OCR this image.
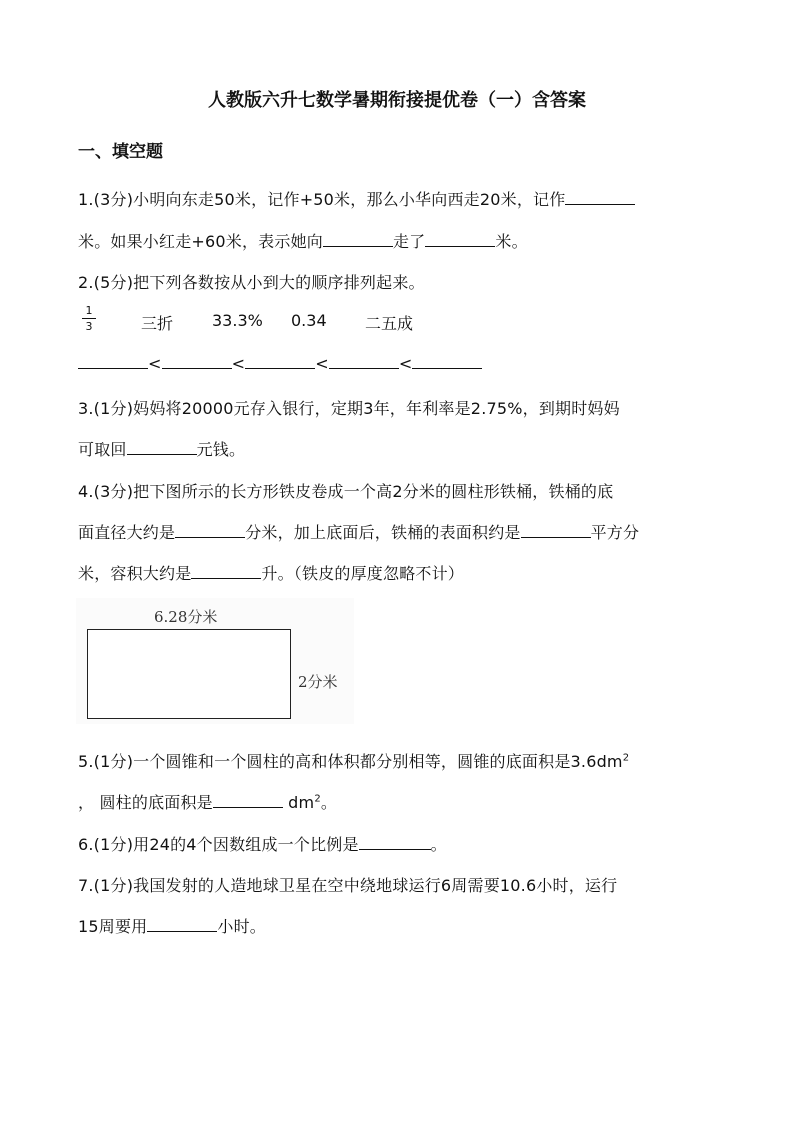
人教版六升七数学暑期衔接提优卷（一）含答案
一、填空题
1.(3分)小明向东走50米，记作+50米，那么小华向西走20米，记作
米。如果小红走+60米，表示她向	走了	米。
2.(5分)把下列各数按从小到大的顺序排列起来。
1
3	三折 33.3% 0.34 二五成
<	<	<	<
3.(1分)妈妈将20000元存入银行，定期3年，年利率是2.75%，到期时妈妈
可取回	元钱。
4.(3分)把下图所示的长方形铁皮卷成一个高2分米的圆柱形铁桶，铁桶的底
面直径大约是	分米，加上底面后，铁桶的表面积约是	平方分
米，容积大约是	升。（铁皮的厚度忽略不计）
6.28分米
2分米
5.(1分)一个圆锥和一个圆柱的高和体积都分别相等，圆锥的底面积是$3.6dm^2$
， 圆柱的底面积是	$dm^2$。
6.(1分)用24的4个因数组成一个比例是	。
7.(1分)我国发射的人造地球卫星在空中绕地球运行6周需要10.6小时，运行
15周要用	小时。
